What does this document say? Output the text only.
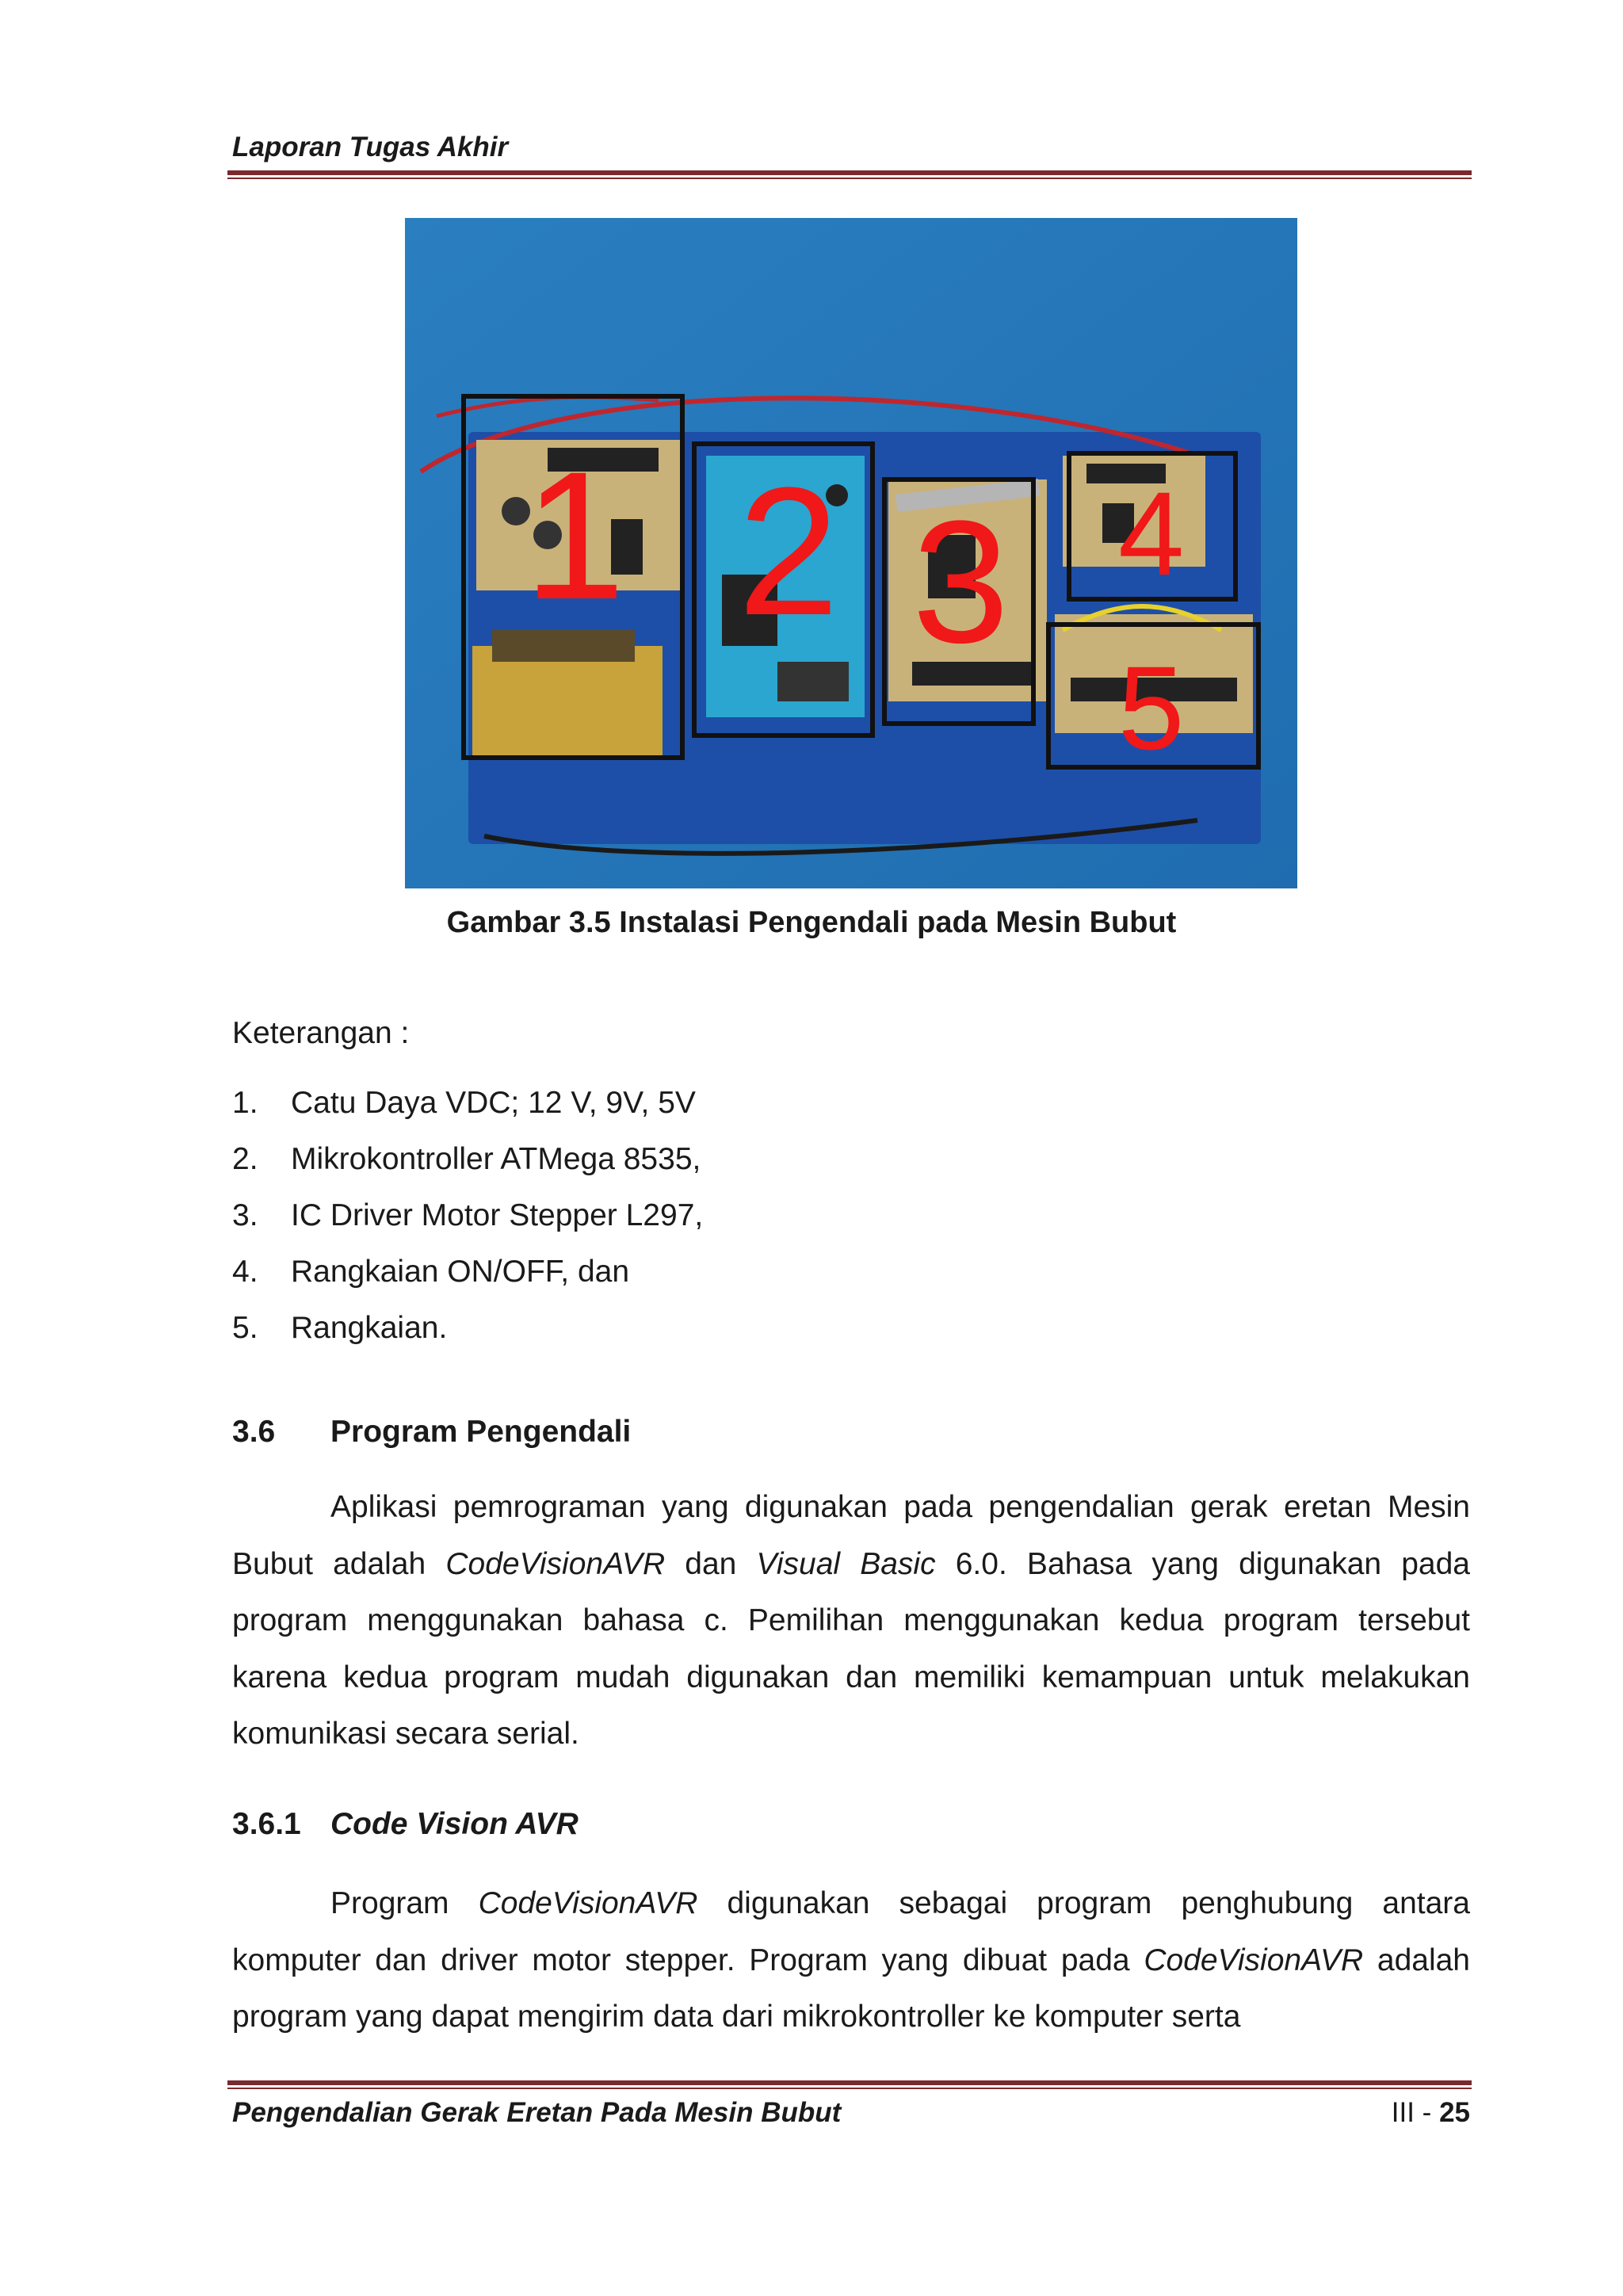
Laporan Tugas Akhir
1 2 3 4
5
Gambar 3.5 Instalasi Pengendali pada Mesin Bubut
Keterangan :
1. Catu Daya VDC; 12 V, 9V, 5V
2. Mikrokontroller ATMega 8535,
3. IC Driver Motor Stepper L297,
4. Rangkaian ON/OFF, dan
5. Rangkaian.
3.6 Program Pengendali

Aplikasi pemrograman yang digunakan pada pengendalian gerak eretan Mesin Bubut adalah CodeVisionAVR dan Visual Basic 6.0. Bahasa yang digunakan pada program menggunakan bahasa c. Pemilihan menggunakan kedua program tersebut karena kedua program mudah digunakan dan memiliki kemampuan untuk melakukan komunikasi secara serial.

3.6.1 Code Vision AVR

Program CodeVisionAVR digunakan sebagai program penghubung antara komputer dan driver motor stepper. Program yang dibuat pada CodeVisionAVR adalah program yang dapat mengirim data dari mikrokontroller ke komputer serta

Pengendalian Gerak Eretan Pada Mesin Bubut	III - 25
